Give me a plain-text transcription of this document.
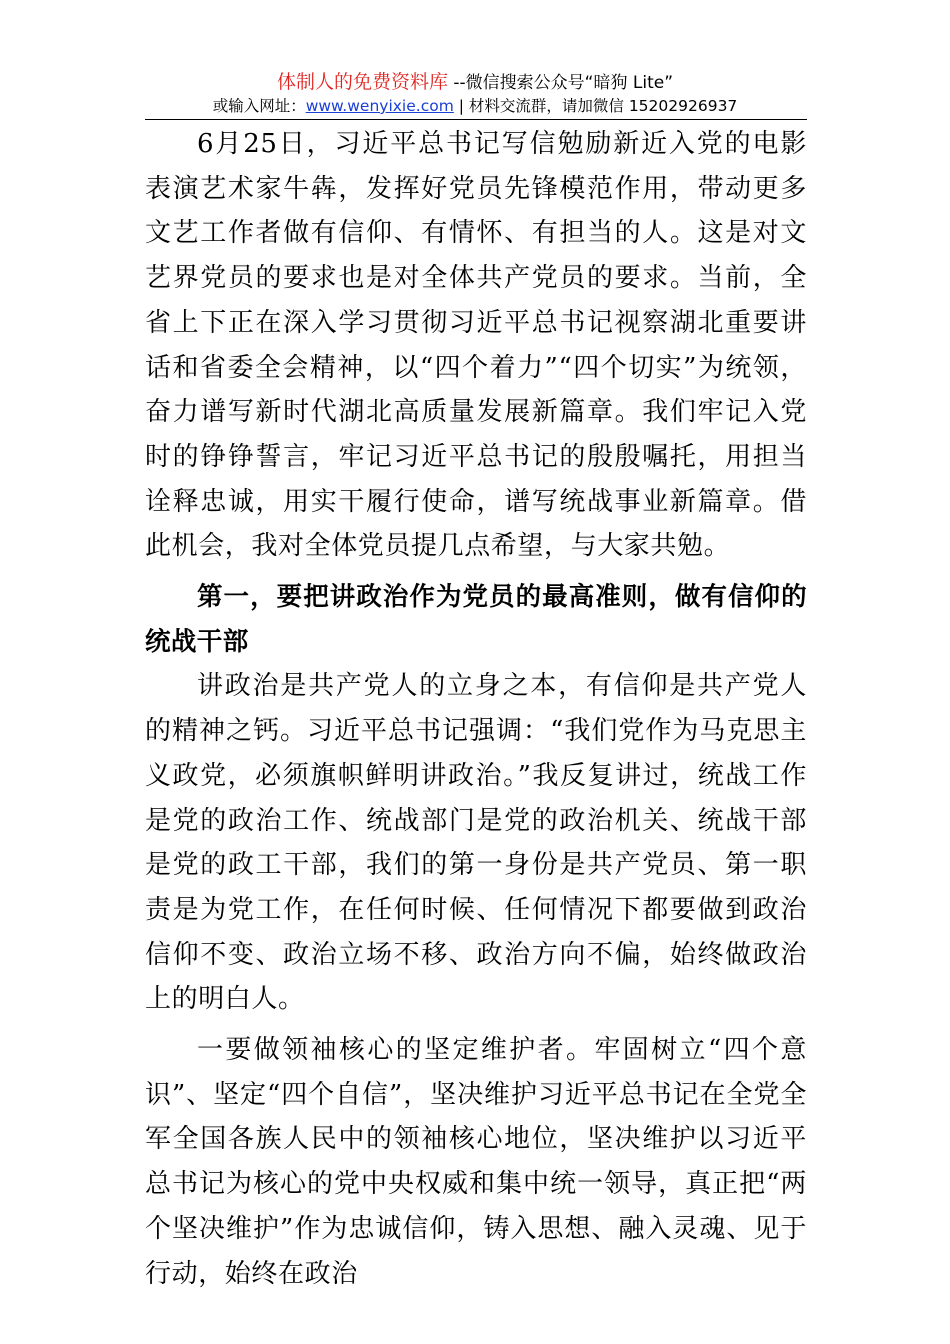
体制人的免费资料库 --微信搜索公众号“暗狗 Lite”
或输入网址：www.wenyixie.com | 材料交流群，请加微信 15202926937

6月25日，习近平总书记写信勉励新近入党的电影表演艺术家牛犇，发挥好党员先锋模范作用，带动更多文艺工作者做有信仰、有情怀、有担当的人。这是对文艺界党员的要求也是对全体共产党员的要求。当前，全省上下正在深入学习贯彻习近平总书记视察湖北重要讲话和省委全会精神，以“四个着力”“四个切实”为统领，奋力谱写新时代湖北高质量发展新篇章。我们牢记入党时的铮铮誓言，牢记习近平总书记的殷殷嘱托，用担当诠释忠诚，用实干履行使命，谱写统战事业新篇章。借此机会，我对全体党员提几点希望，与大家共勉。

第一，要把讲政治作为党员的最高准则，做有信仰的统战干部

讲政治是共产党人的立身之本，有信仰是共产党人的精神之钙。习近平总书记强调：“我们党作为马克思主义政党，必须旗帜鲜明讲政治。”我反复讲过，统战工作是党的政治工作、统战部门是党的政治机关、统战干部是党的政工干部，我们的第一身份是共产党员、第一职责是为党工作，在任何时候、任何情况下都要做到政治信仰不变、政治立场不移、政治方向不偏，始终做政治上的明白人。

一要做领袖核心的坚定维护者。牢固树立“四个意识”、坚定“四个自信”，坚决维护习近平总书记在全党全军全国各族人民中的领袖核心地位，坚决维护以习近平总书记为核心的党中央权威和集中统一领导，真正把“两个坚决维护”作为忠诚信仰，铸入思想、融入灵魂、见于行动，始终在政治
